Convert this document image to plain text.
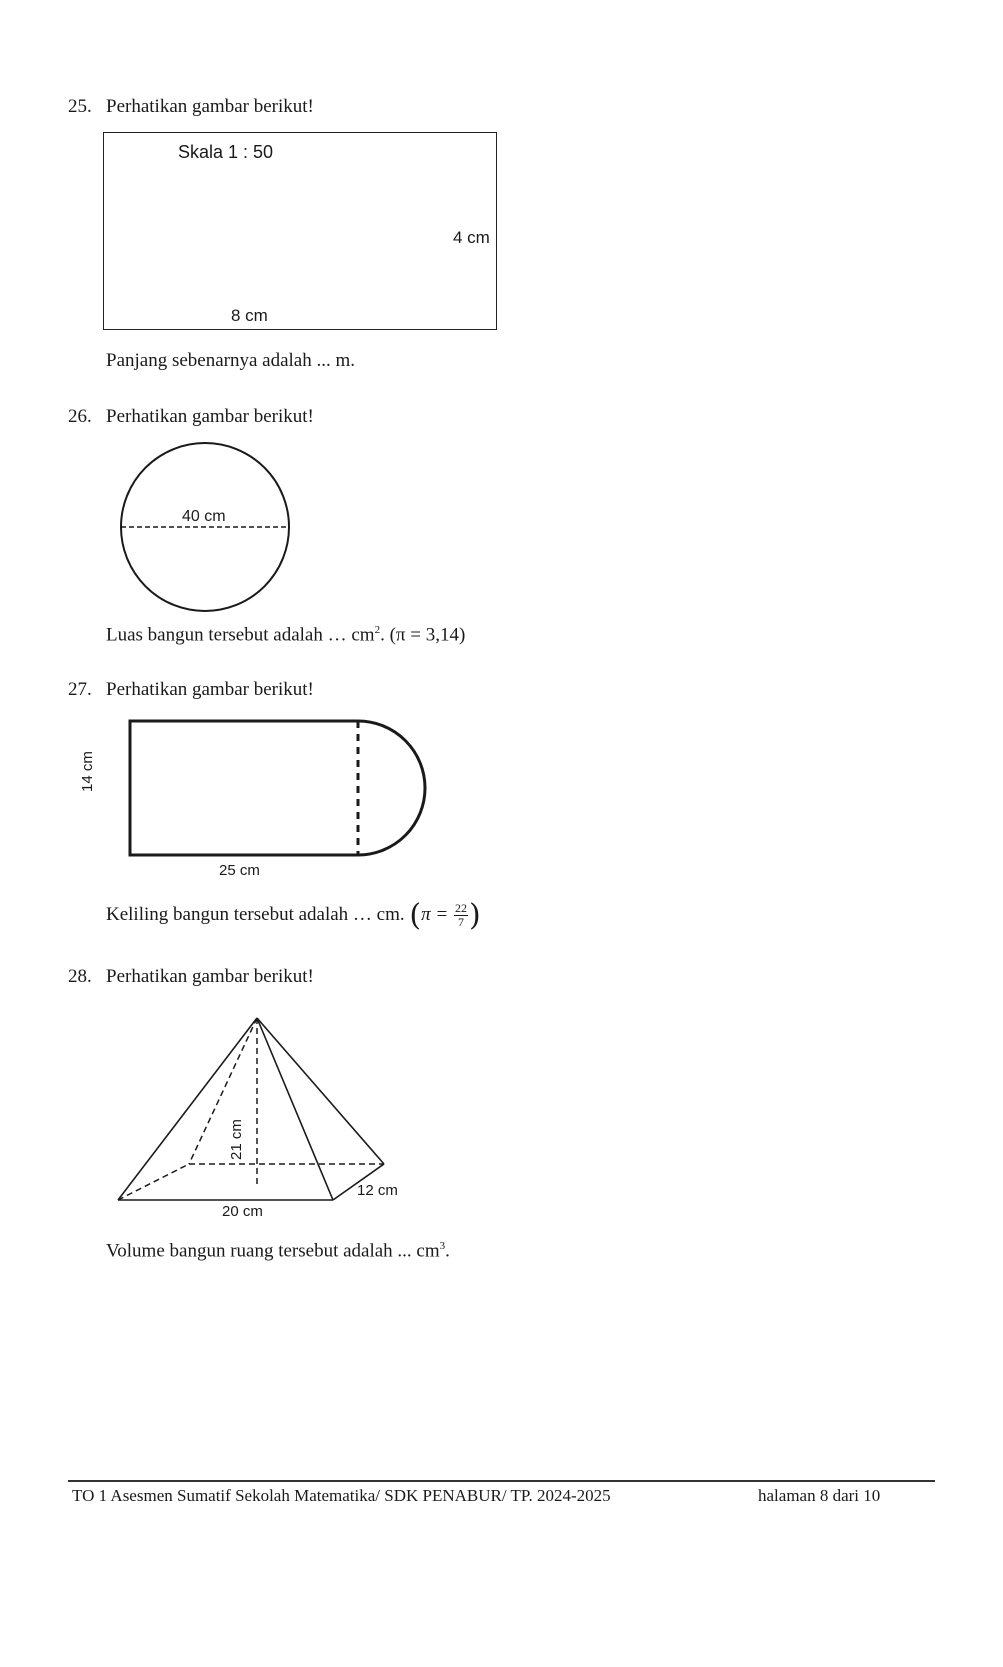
25. Perhatikan gambar berikut!
Skala 1 : 50
4 cm
8 cm
Panjang sebenarnya adalah ... m.
26. Perhatikan gambar berikut!
40 cm
Luas bangun tersebut adalah … $cm^2$. (π = 3,14)
27. Perhatikan gambar berikut!
14 cm
25 cm
Keliling bangun tersebut adalah … cm. ($\pi = \frac{22}{7}$ )
28. Perhatikan gambar berikut!
21 cm
20 cm
12 cm
Volume bangun ruang tersebut adalah ... $cm^3$.
TO 1 Asesmen Sumatif Sekolah Matematika/ SDK PENABUR/ TP. 2024-2025	halaman 8 dari 10
